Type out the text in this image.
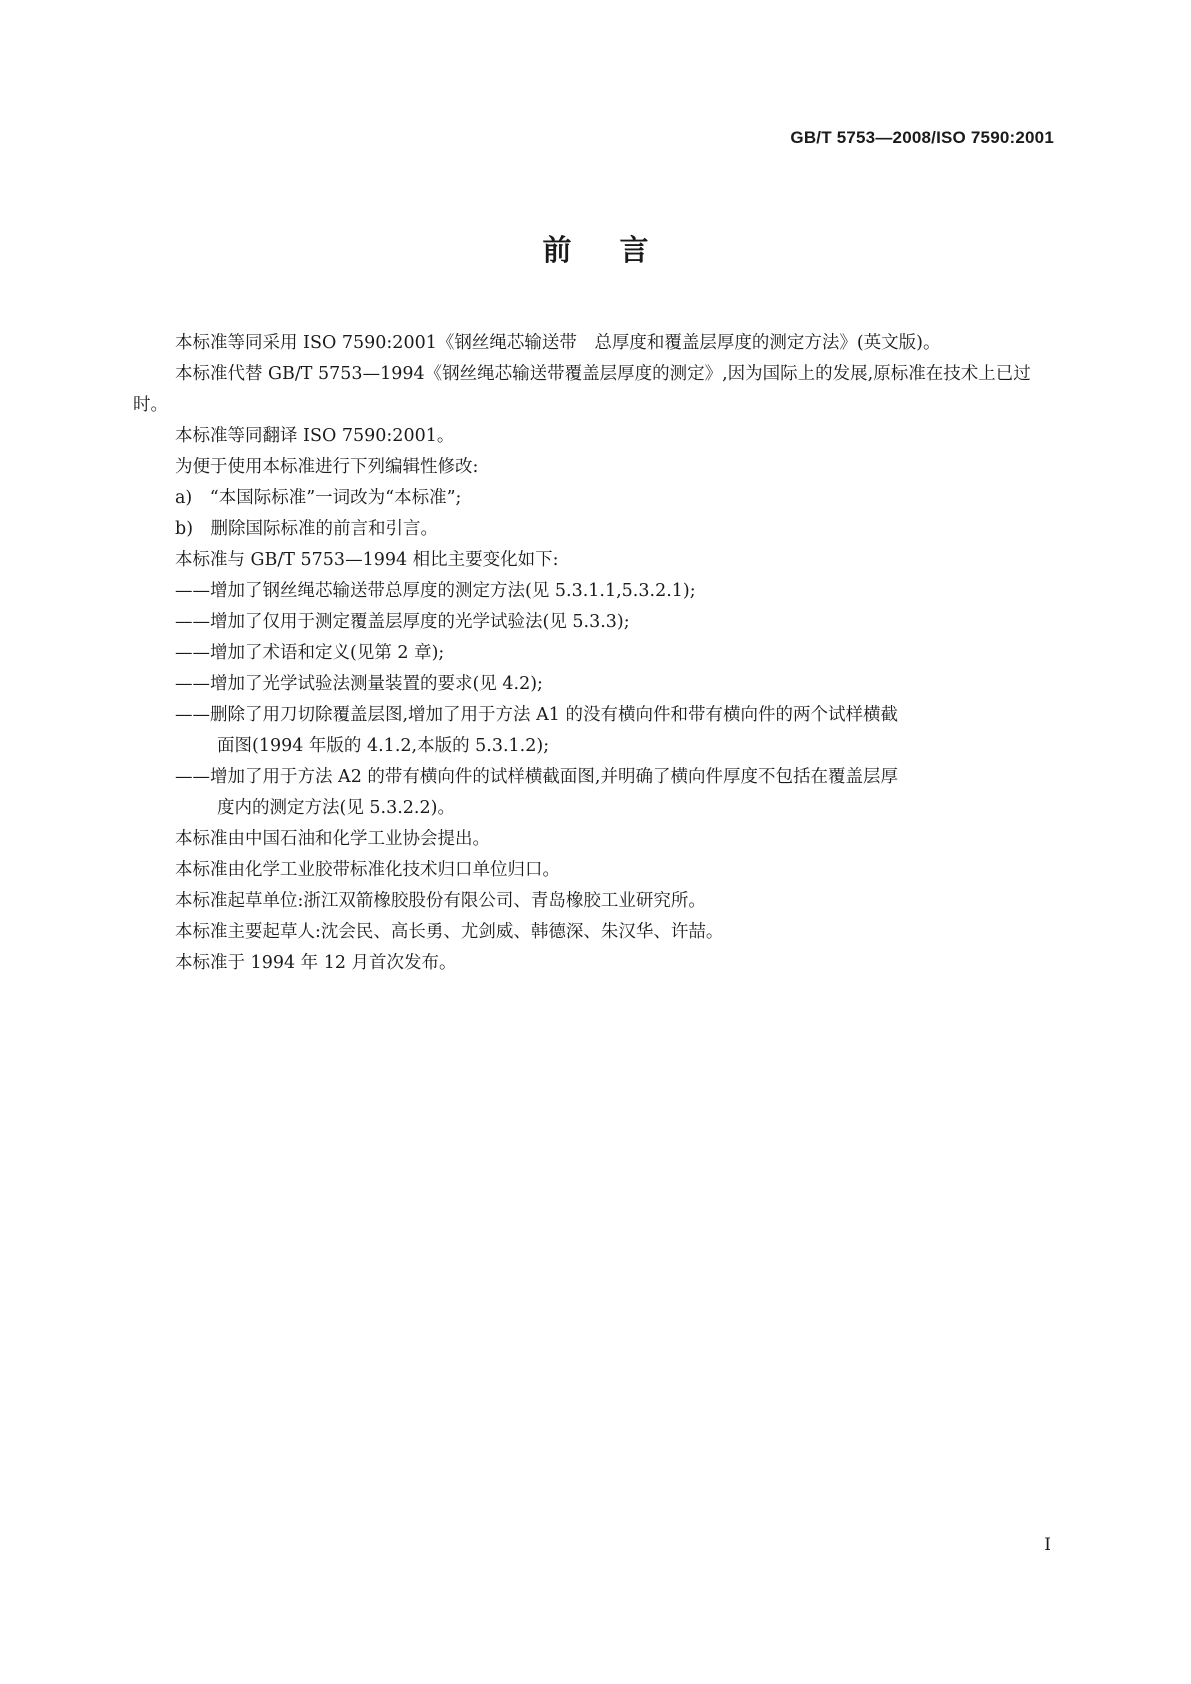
GB/T 5753—2008/ISO 7590:2001
前言

本标准等同采用 ISO 7590:2001《钢丝绳芯输送带　总厚度和覆盖层厚度的测定方法》(英文版)。

本标准代替 GB/T 5753—1994《钢丝绳芯输送带覆盖层厚度的测定》,因为国际上的发展,原标准在技术上已过时。

本标准等同翻译 ISO 7590:2001。

为便于使用本标准进行下列编辑性修改:

a)　“本国际标准”一词改为“本标准”;

b)　删除国际标准的前言和引言。

本标准与 GB/T 5753—1994 相比主要变化如下:

——增加了钢丝绳芯输送带总厚度的测定方法(见 5.3.1.1,5.3.2.1);

——增加了仅用于测定覆盖层厚度的光学试验法(见 5.3.3);

——增加了术语和定义(见第 2 章);

——增加了光学试验法测量装置的要求(见 4.2);

——删除了用刀切除覆盖层图,增加了用于方法 A1 的没有横向件和带有横向件的两个试样横截
面图(1994 年版的 4.1.2,本版的 5.3.1.2);

——增加了用于方法 A2 的带有横向件的试样横截面图,并明确了横向件厚度不包括在覆盖层厚
度内的测定方法(见 5.3.2.2)。

本标准由中国石油和化学工业协会提出。

本标准由化学工业胶带标准化技术归口单位归口。

本标准起草单位:浙江双箭橡胶股份有限公司、青岛橡胶工业研究所。

本标准主要起草人:沈会民、高长勇、尤剑威、韩德深、朱汉华、许喆。

本标准于 1994 年 12 月首次发布。

I
